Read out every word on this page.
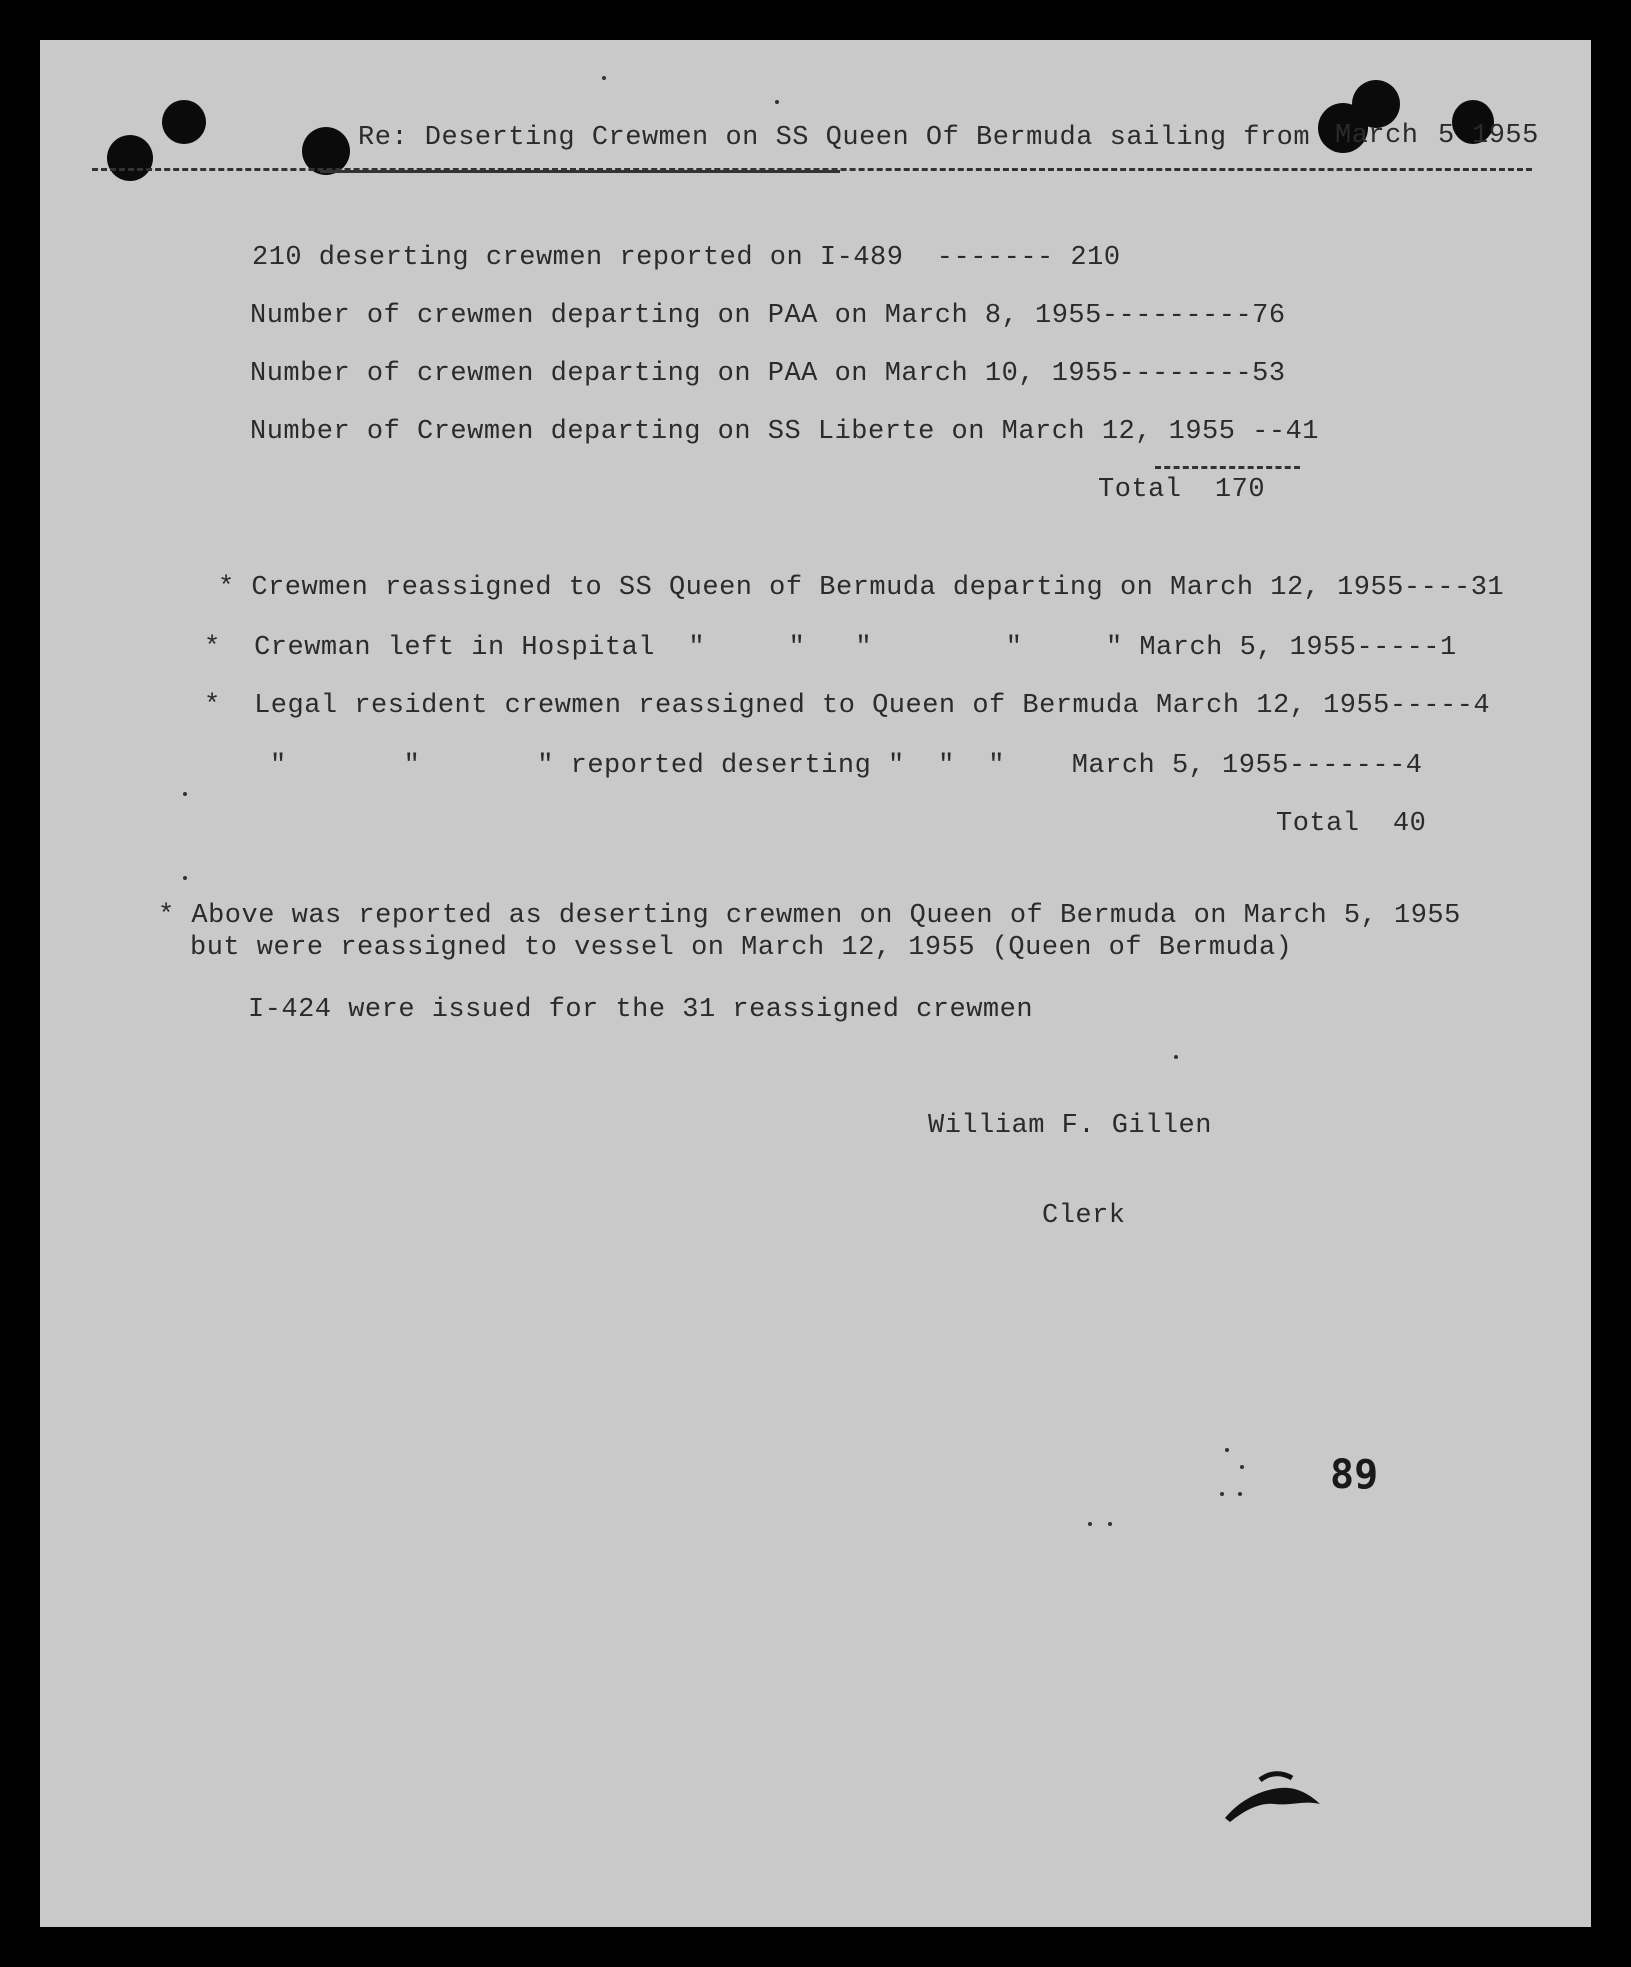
Re: Deserting Crewmen on SS Queen Of Bermuda sailing from March 5 1955
210 deserting crewmen reported on I-489  ------- 210
Number of crewmen departing on PAA on March 8, 1955---------76
Number of crewmen departing on PAA on March 10, 1955--------53
Number of Crewmen departing on SS Liberte on March 12, 1955 --41
Total  170
* Crewmen reassigned to SS Queen of Bermuda departing on March 12, 1955----31
*  Crewman left in Hospital  "     "   "        "     " March 5, 1955-----1
*  Legal resident crewmen reassigned to Queen of Bermuda March 12, 1955-----4
"       "       " reported deserting "  "  "    March 5, 1955-------4
Total  40
* Above was reported as deserting crewmen on Queen of Bermuda on March 5, 1955
but were reassigned to vessel on March 12, 1955 (Queen of Bermuda)
I-424 were issued for the 31 reassigned crewmen
William F. Gillen
Clerk
89
